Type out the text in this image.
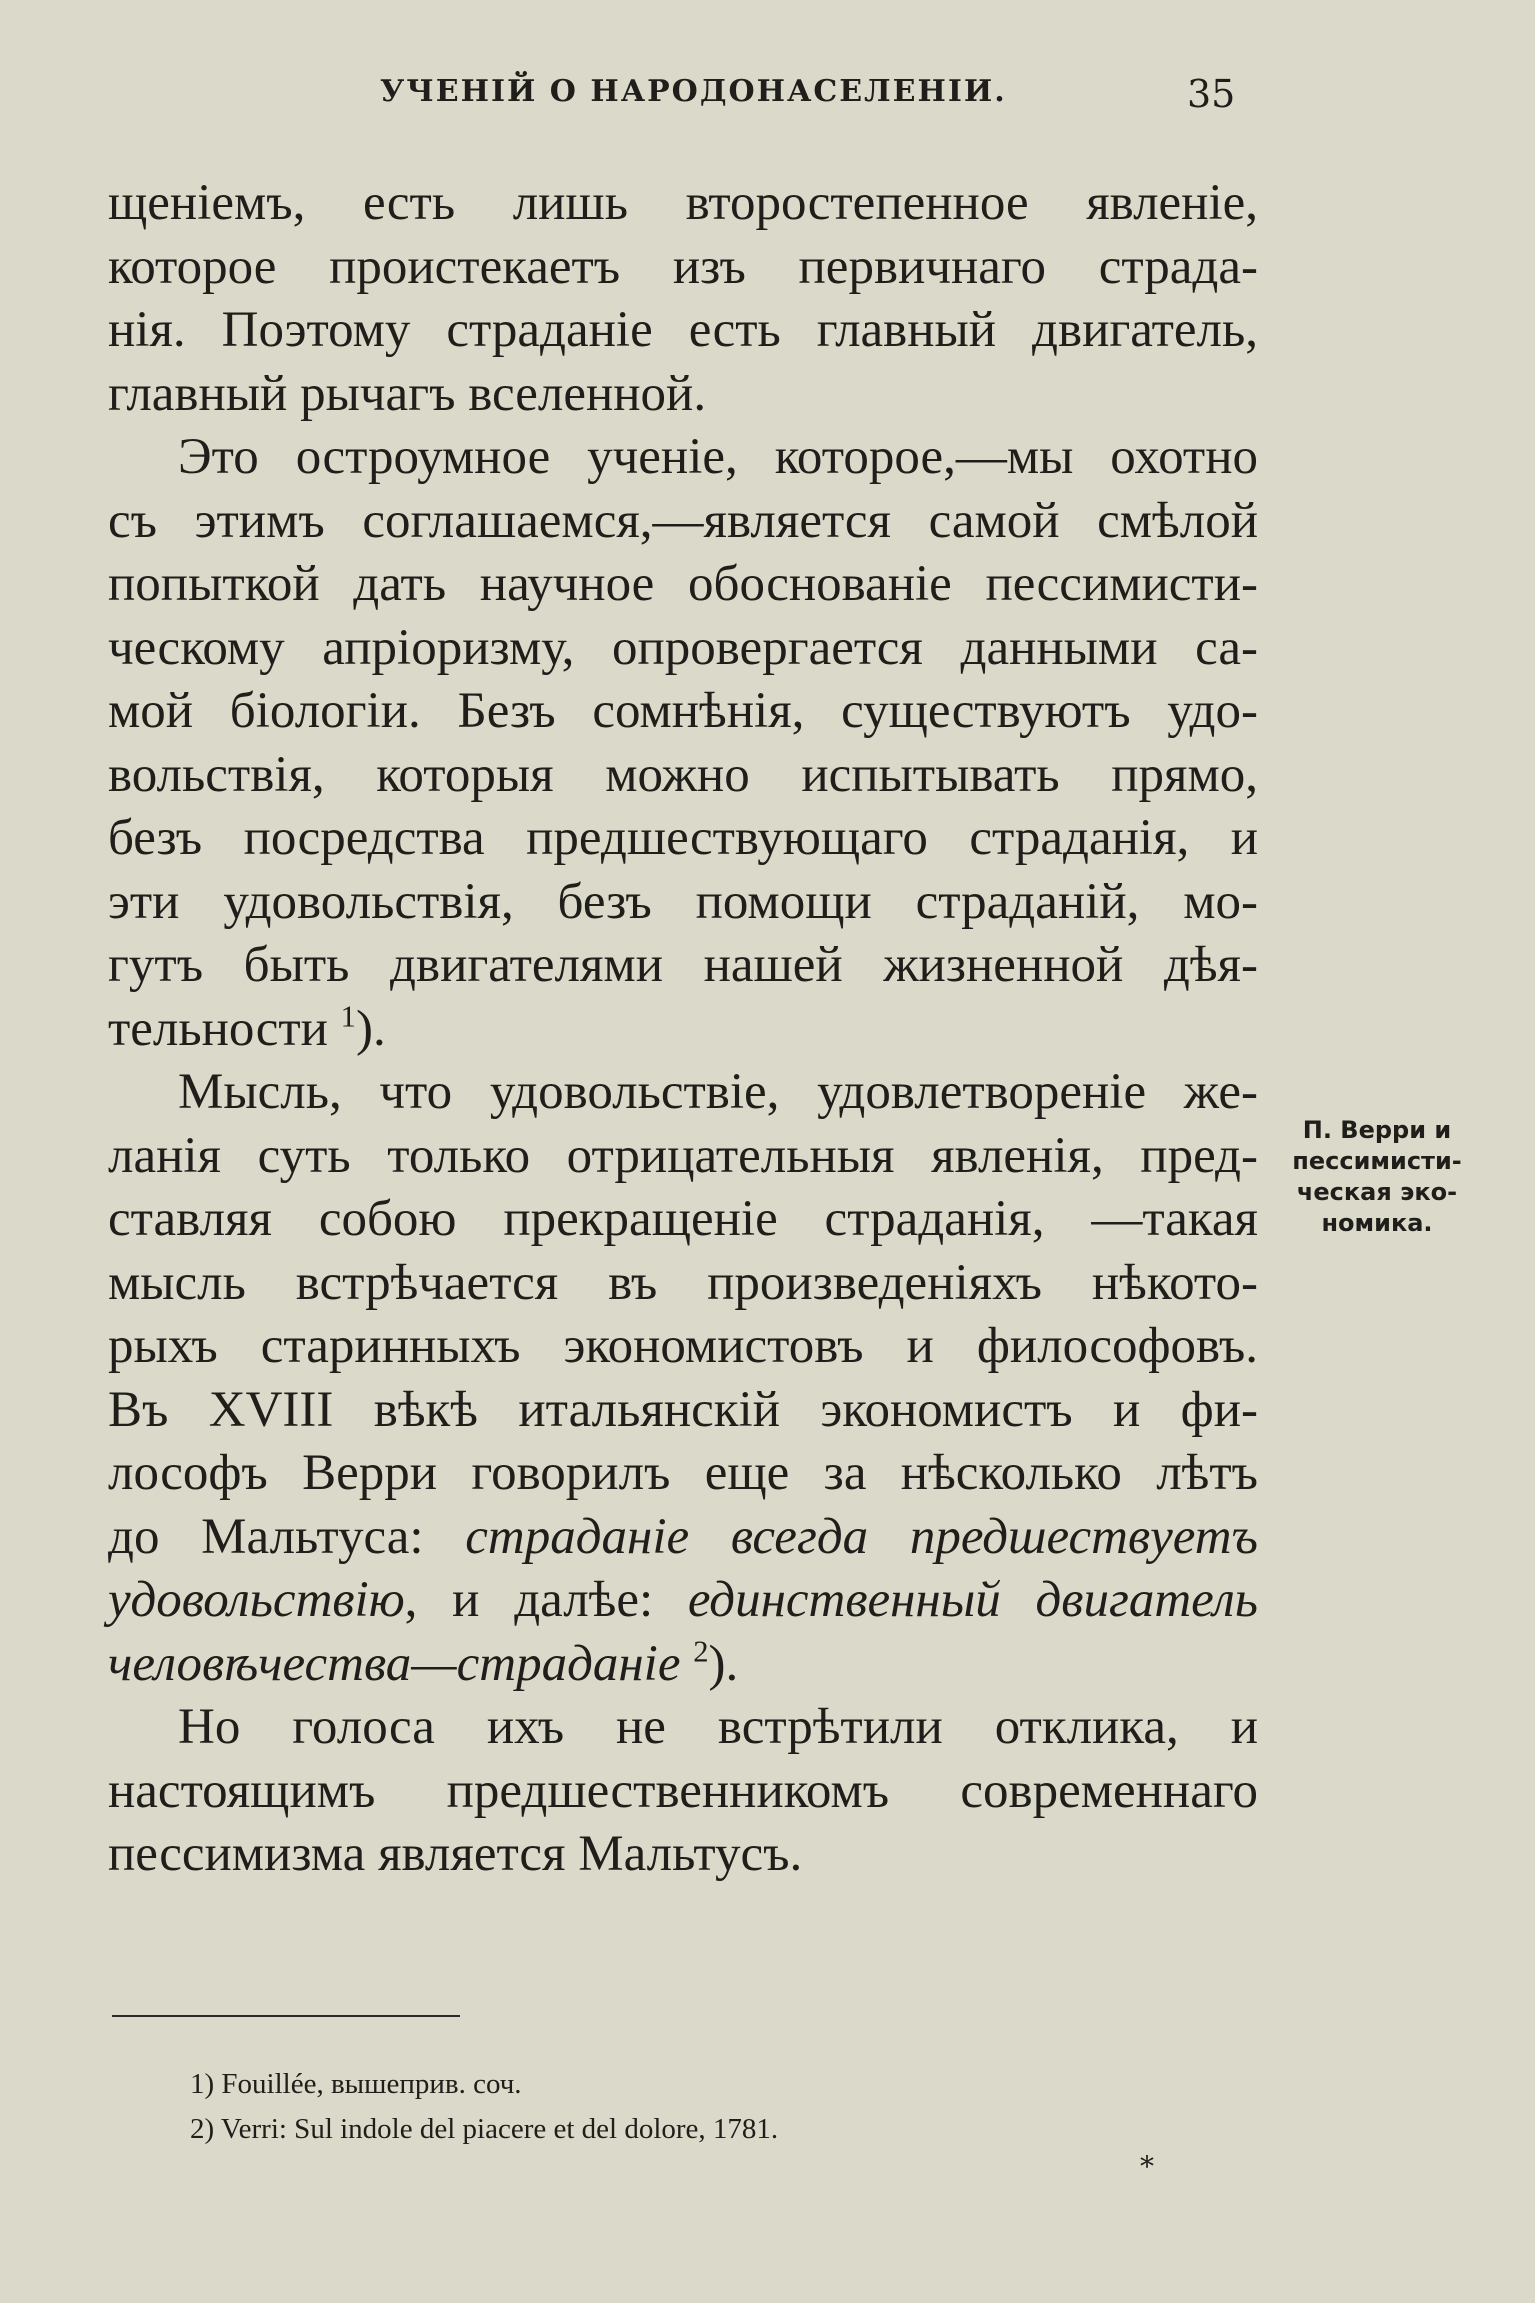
УЧЕНІЙ О НАРОДОНАСЕЛЕНІИ.	35

щеніемъ, есть лишь второстепенное явленіе,
которое проистекаетъ изъ первичнаго страда-
нія. Поэтому страданіе есть главный двигатель,
главный рычагъ вселенной.

Это остроумное ученіе, которое,—мы охотно
съ этимъ соглашаемся,—является самой смѣлой
попыткой дать научное обоснованіе пессимисти-
ческому апріоризму, опровергается данными са-
мой біологіи. Безъ сомнѣнія, существуютъ удо-
вольствія, которыя можно испытывать прямо,
безъ посредства предшествующаго страданія, и
эти удовольствія, безъ помощи страданій, мо-
гутъ быть двигателями нашей жизненной дѣя-
тельности $^1$).

Мысль, что удовольствіе, удовлетвореніе же-
ланія суть только отрицательныя явленія, пред-
ставляя собою прекращеніе страданія, —такая
мысль встрѣчается въ произведеніяхъ нѣкото-
рыхъ старинныхъ экономистовъ и философовъ.
Въ XVIII вѣкѣ итальянскій экономистъ и фи-
лософъ Верри говорилъ еще за нѣсколько лѣтъ
до Мальтуса: страданіе всегда предшествуетъ
удовольствію, и далѣе: единственный двигатель
человѣчества—страданіе $^2$).

Но голоса ихъ не встрѣтили отклика, и
настоящимъ предшественникомъ современнаго
пессимизма является Мальтусъ.

П. Верри и
пессимисти-
ческая эко-
номика.
1) Fouillée, вышеприв. соч.
2) Verri: Sul indole del piacere et del dolore, 1781.
*
